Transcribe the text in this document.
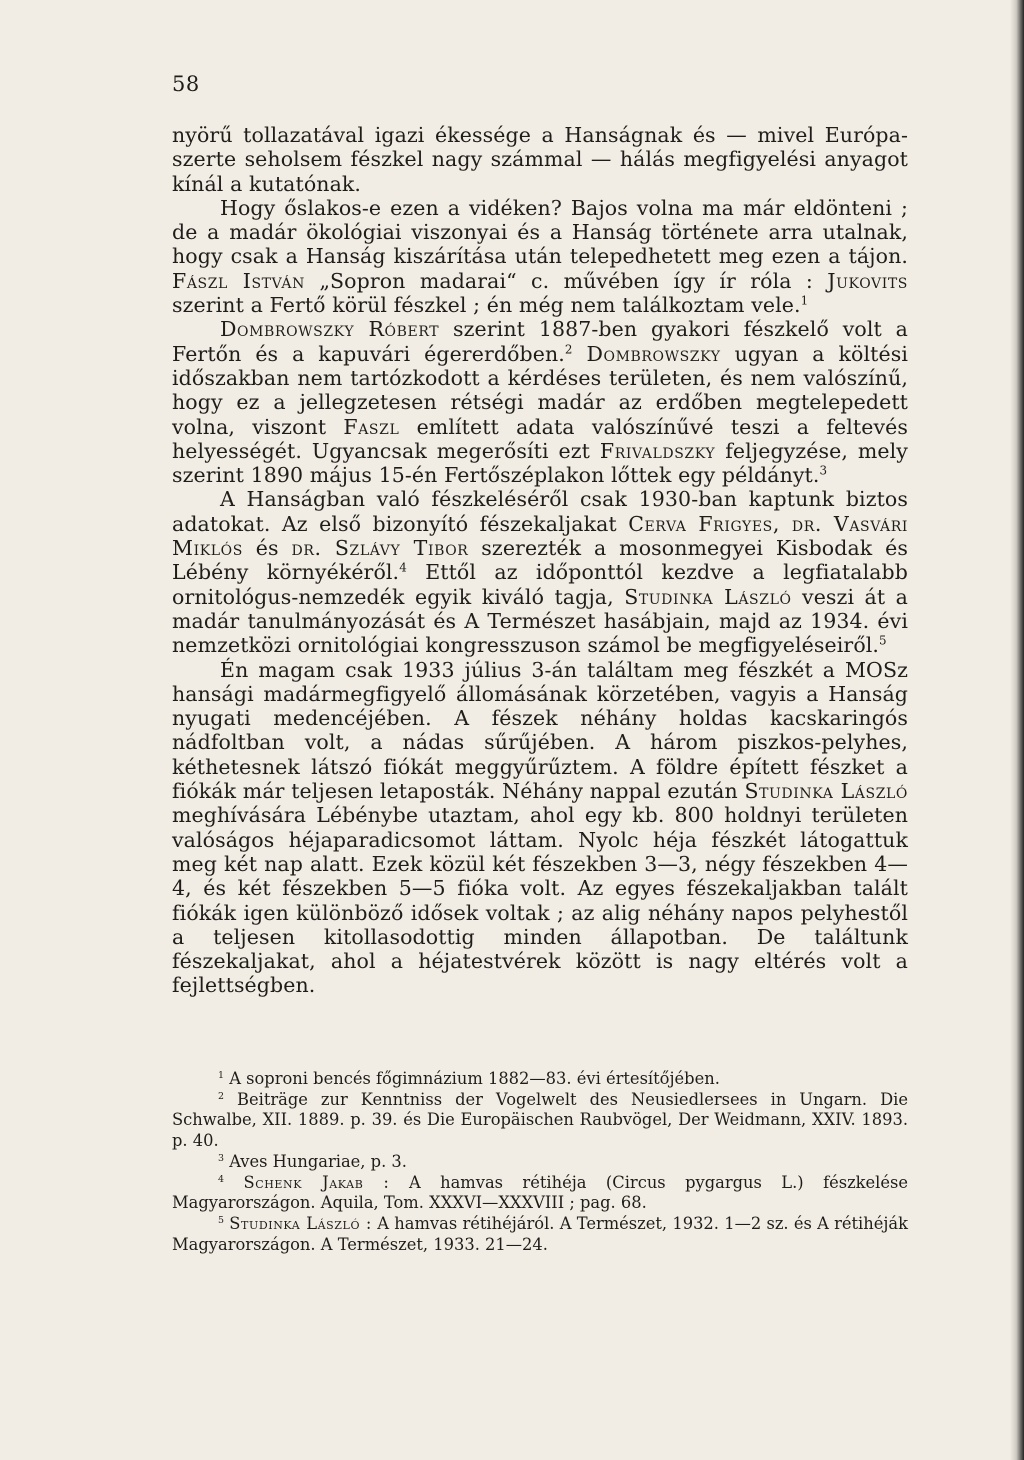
58

nyörű tollazatával igazi ékessége a Hanságnak és — mivel Európa-szerte seholsem fészkel nagy számmal — hálás megfigyelési anyagot kínál a kutatónak.

Hogy őslakos-e ezen a vidéken? Bajos volna ma már eldönteni ; de a madár ökológiai viszonyai és a Hanság története arra utalnak, hogy csak a Hanság kiszárítása után telepedhetett meg ezen a tájon. Fászl István „Sopron madarai“ c. művében így ír róla : Jukovits szerint a Fertő körül fészkel ; én még nem találkoztam vele.$^1$

Dombrowszky Róbert szerint 1887-ben gyakori fészkelő volt a Fertőn és a kapuvári égererdőben.$^2$ Dombrowszky ugyan a költési időszakban nem tartózkodott a kérdéses területen, és nem valószínű, hogy ez a jellegzetesen rétségi madár az erdőben megtelepedett volna, viszont Faszl említett adata valószínűvé teszi a feltevés helyességét. Ugyancsak megerősíti ezt Frivaldszky feljegyzése, mely szerint 1890 május 15-én Fertőszéplakon lőttek egy példányt.$^3$

A Hanságban való fészkeléséről csak 1930-ban kaptunk biztos adatokat. Az első bizonyító fészekaljakat Cerva Frigyes, dr. Vasvári Miklós és dr. Szlávy Tibor szerezték a mosonmegyei Kisbodak és Lébény környékéről.$^4$ Ettől az időponttól kezdve a legfiatalabb ornitológus-nemzedék egyik kiváló tagja, Studinka László veszi át a madár tanulmányozását és A Természet hasábjain, majd az 1934. évi nemzetközi ornitológiai kongresszuson számol be megfigyeléseiről.$^5$

Én magam csak 1933 július 3-án találtam meg fészkét a MOSz hansági madármegfigyelő állomásának körzetében, vagyis a Hanság nyugati medencéjében. A fészek néhány holdas kacskaringós nádfoltban volt, a nádas sűrűjében. A három piszkos-pelyhes, kéthetesnek látszó fiókát meggyűrűztem. A földre épített fészket a fiókák már teljesen letaposták. Néhány nappal ezután Studinka László meghívására Lébénybe utaztam, ahol egy kb. 800 holdnyi területen valóságos héjaparadicsomot láttam. Nyolc héja fészkét látogattuk meg két nap alatt. Ezek közül két fészekben 3—3, négy fészekben 4—4, és két fészekben 5—5 fióka volt. Az egyes fészekaljakban talált fiókák igen különböző idősek voltak ; az alig néhány napos pelyhestől a teljesen kitollasodottig minden állapotban. De találtunk fészekaljakat, ahol a héjatestvérek között is nagy eltérés volt a fejlettségben.

$^1$ A soproni bencés főgimnázium 1882—83. évi értesítőjében.

$^2$ Beiträge zur Kenntniss der Vogelwelt des Neusiedlersees in Ungarn. Die Schwalbe, XII. 1889. p. 39. és Die Europäischen Raubvögel, Der Weidmann, XXIV. 1893. p. 40.

$^3$ Aves Hungariae, p. 3.

$^4$ Schenk Jakab : A hamvas rétihéja (Circus pygargus L.) fészkelése Magyarországon. Aquila, Tom. XXXVI—XXXVIII ; pag. 68.

$^5$ Studinka László : A hamvas rétihéjáról. A Természet, 1932. 1—2 sz. és A rétihéják Magyarországon. A Természet, 1933. 21—24.
